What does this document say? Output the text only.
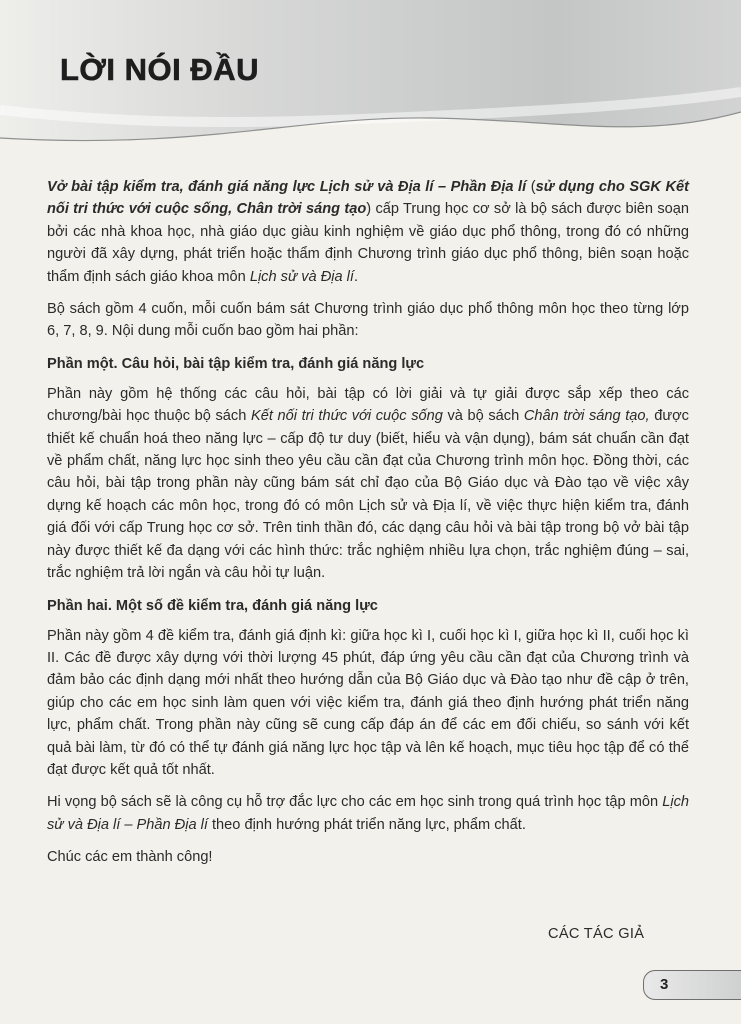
LỜI NÓI ĐẦU

Vở bài tập kiểm tra, đánh giá năng lực Lịch sử và Địa lí – Phần Địa lí (sử dụng cho SGK Kết nối tri thức với cuộc sống, Chân trời sáng tạo) cấp Trung học cơ sở là bộ sách được biên soạn bởi các nhà khoa học, nhà giáo dục giàu kinh nghiệm về giáo dục phổ thông, trong đó có những người đã xây dựng, phát triển hoặc thẩm định Chương trình giáo dục phổ thông, biên soạn hoặc thẩm định sách giáo khoa môn Lịch sử và Địa lí.

Bộ sách gồm 4 cuốn, mỗi cuốn bám sát Chương trình giáo dục phổ thông môn học theo từng lớp 6, 7, 8, 9. Nội dung mỗi cuốn bao gồm hai phần:

Phần một. Câu hỏi, bài tập kiểm tra, đánh giá năng lực

Phần này gồm hệ thống các câu hỏi, bài tập có lời giải và tự giải được sắp xếp theo các chương/bài học thuộc bộ sách Kết nối tri thức với cuộc sống và bộ sách Chân trời sáng tạo, được thiết kế chuẩn hoá theo năng lực – cấp độ tư duy (biết, hiểu và vận dụng), bám sát chuẩn cần đạt về phẩm chất, năng lực học sinh theo yêu cầu cần đạt của Chương trình môn học. Đồng thời, các câu hỏi, bài tập trong phần này cũng bám sát chỉ đạo của Bộ Giáo dục và Đào tạo về việc xây dựng kế hoạch các môn học, trong đó có môn Lịch sử và Địa lí, về việc thực hiện kiểm tra, đánh giá đối với cấp Trung học cơ sở. Trên tinh thần đó, các dạng câu hỏi và bài tập trong bộ vở bài tập này được thiết kế đa dạng với các hình thức: trắc nghiệm nhiều lựa chọn, trắc nghiệm đúng – sai, trắc nghiệm trả lời ngắn và câu hỏi tự luận.

Phần hai. Một số đề kiểm tra, đánh giá năng lực

Phần này gồm 4 đề kiểm tra, đánh giá định kì: giữa học kì I, cuối học kì I, giữa học kì II, cuối học kì II. Các đề được xây dựng với thời lượng 45 phút, đáp ứng yêu cầu cần đạt của Chương trình và đảm bảo các định dạng mới nhất theo hướng dẫn của Bộ Giáo dục và Đào tạo như đề cập ở trên, giúp cho các em học sinh làm quen với việc kiểm tra, đánh giá theo định hướng phát triển năng lực, phẩm chất. Trong phần này cũng sẽ cung cấp đáp án để các em đối chiếu, so sánh với kết quả bài làm, từ đó có thể tự đánh giá năng lực học tập và lên kế hoạch, mục tiêu học tập để có thể đạt được kết quả tốt nhất.

Hi vọng bộ sách sẽ là công cụ hỗ trợ đắc lực cho các em học sinh trong quá trình học tập môn Lịch sử và Địa lí – Phần Địa lí theo định hướng phát triển năng lực, phẩm chất.

Chúc các em thành công!

CÁC TÁC GIẢ
3
